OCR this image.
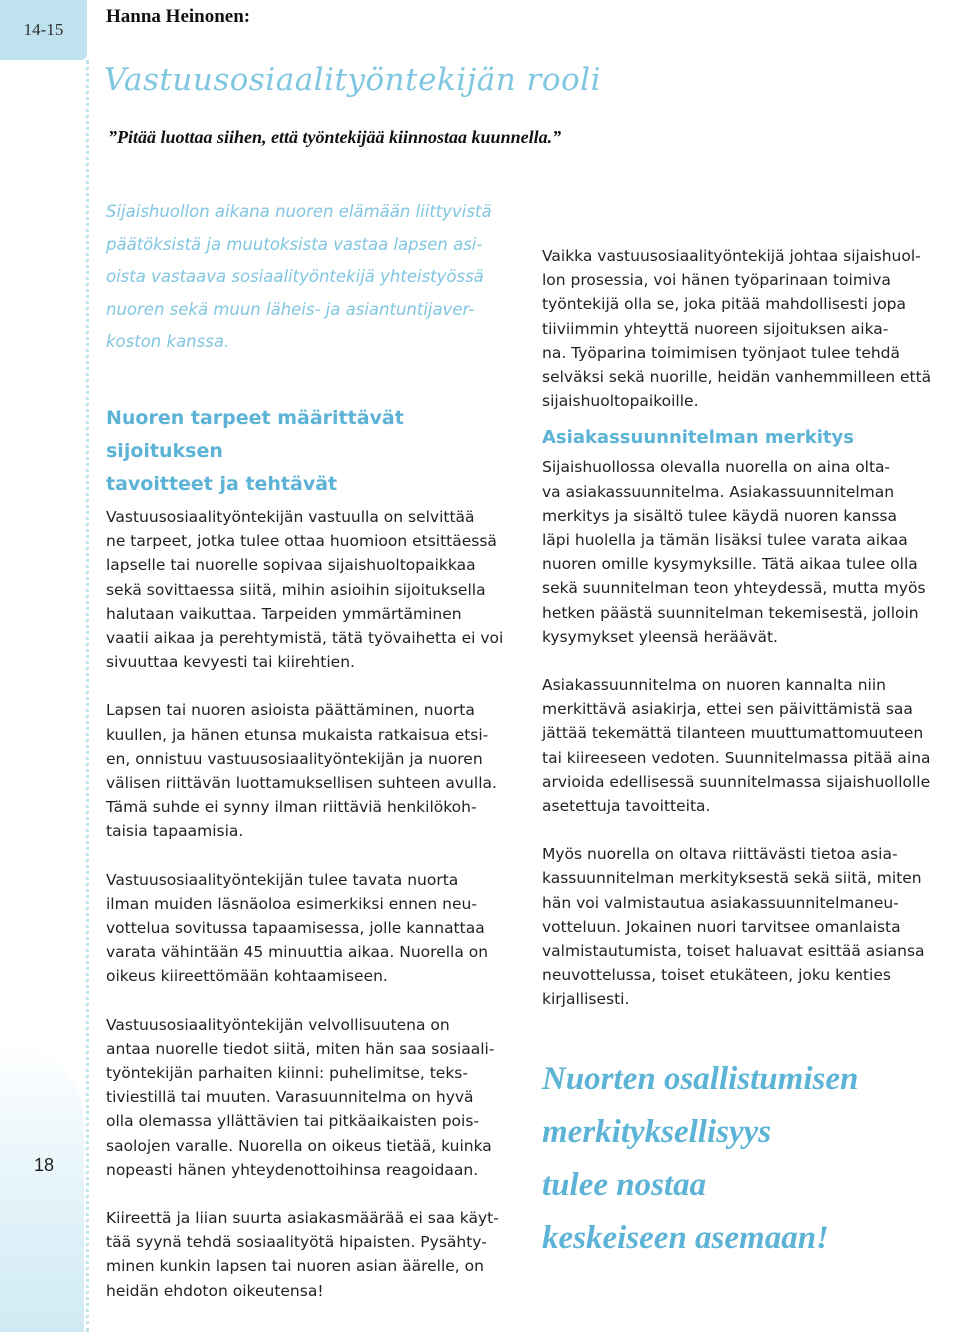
14-15
18
Hanna Heinonen:
Vastuusosiaalityöntekijän rooli
”Pitää luottaa siihen, että työntekijää kiinnostaa kuunnella.”
Sijaishuollon aikana nuoren elämään liittyvistä
päätöksistä ja muutoksista vastaa lapsen asi-
oista vastaava sosiaalityöntekijä yhteistyössä
nuoren sekä muun läheis- ja asiantuntijaver-
koston kanssa.
Nuoren tarpeet määrittävät sijoituksen
tavoitteet ja tehtävät

Vastuusosiaalityöntekijän vastuulla on selvittää
ne tarpeet, jotka tulee ottaa huomioon etsittäessä
lapselle tai nuorelle sopivaa sijaishuoltopaikkaa
sekä sovittaessa siitä, mihin asioihin sijoituksella
halutaan vaikuttaa. Tarpeiden ymmärtäminen
vaatii aikaa ja perehtymistä, tätä työvaihetta ei voi
sivuuttaa kevyesti tai kiirehtien.

Lapsen tai nuoren asioista päättäminen, nuorta
kuullen, ja hänen etunsa mukaista ratkaisua etsi-
en, onnistuu vastuusosiaalityöntekijän ja nuoren
välisen riittävän luottamuksellisen suhteen avulla.
Tämä suhde ei synny ilman riittäviä henkilökoh-
taisia tapaamisia.

Vastuusosiaalityöntekijän tulee tavata nuorta
ilman muiden läsnäoloa esimerkiksi ennen neu-
vottelua sovitussa tapaamisessa, jolle kannattaa
varata vähintään 45 minuuttia aikaa. Nuorella on
oikeus kiireettömään kohtaamiseen.

Vastuusosiaalityöntekijän velvollisuutena on
antaa nuorelle tiedot siitä, miten hän saa sosiaali-
työntekijän parhaiten kiinni: puhelimitse, teks-
tiviestillä tai muuten. Varasuunnitelma on hyvä
olla olemassa yllättävien tai pitkäaikaisten pois-
saolojen varalle. Nuorella on oikeus tietää, kuinka
nopeasti hänen yhteydenottoihinsa reagoidaan.

Kiireettä ja liian suurta asiakasmäärää ei saa käyt-
tää syynä tehdä sosiaalityötä hipaisten. Pysähty-
minen kunkin lapsen tai nuoren asian äärelle, on
heidän ehdoton oikeutensa!

Vaikka vastuusosiaalityöntekijä johtaa sijaishuol-
lon prosessia, voi hänen työparinaan toimiva
työntekijä olla se, joka pitää mahdollisesti jopa
tiiviimmin yhteyttä nuoreen sijoituksen aika-
na. Työparina toimimisen työnjaot tulee tehdä
selväksi sekä nuorille, heidän vanhemmilleen että
sijaishuoltopaikoille.

Asiakassuunnitelman merkitys

Sijaishuollossa olevalla nuorella on aina olta-
va asiakassuunnitelma. Asiakassuunnitelman
merkitys ja sisältö tulee käydä nuoren kanssa
läpi huolella ja tämän lisäksi tulee varata aikaa
nuoren omille kysymyksille. Tätä aikaa tulee olla
sekä suunnitelman teon yhteydessä, mutta myös
hetken päästä suunnitelman tekemisestä, jolloin
kysymykset yleensä heräävät.

Asiakassuunnitelma on nuoren kannalta niin
merkittävä asiakirja, ettei sen päivittämistä saa
jättää tekemättä tilanteen muuttumattomuuteen
tai kiireeseen vedoten. Suunnitelmassa pitää aina
arvioida edellisessä suunnitelmassa sijaishuollolle
asetettuja tavoitteita.

Myös nuorella on oltava riittävästi tietoa asia-
kassuunnitelman merkityksestä sekä siitä, miten
hän voi valmistautua asiakassuunnitelmaneu-
votteluun. Jokainen nuori tarvitsee omanlaista
valmistautumista, toiset haluavat esittää asiansa
neuvottelussa, toiset etukäteen, joku kenties
kirjallisesti.

Nuorten osallistumisen
merkityksellisyys
tulee nostaa
keskeiseen asemaan!
